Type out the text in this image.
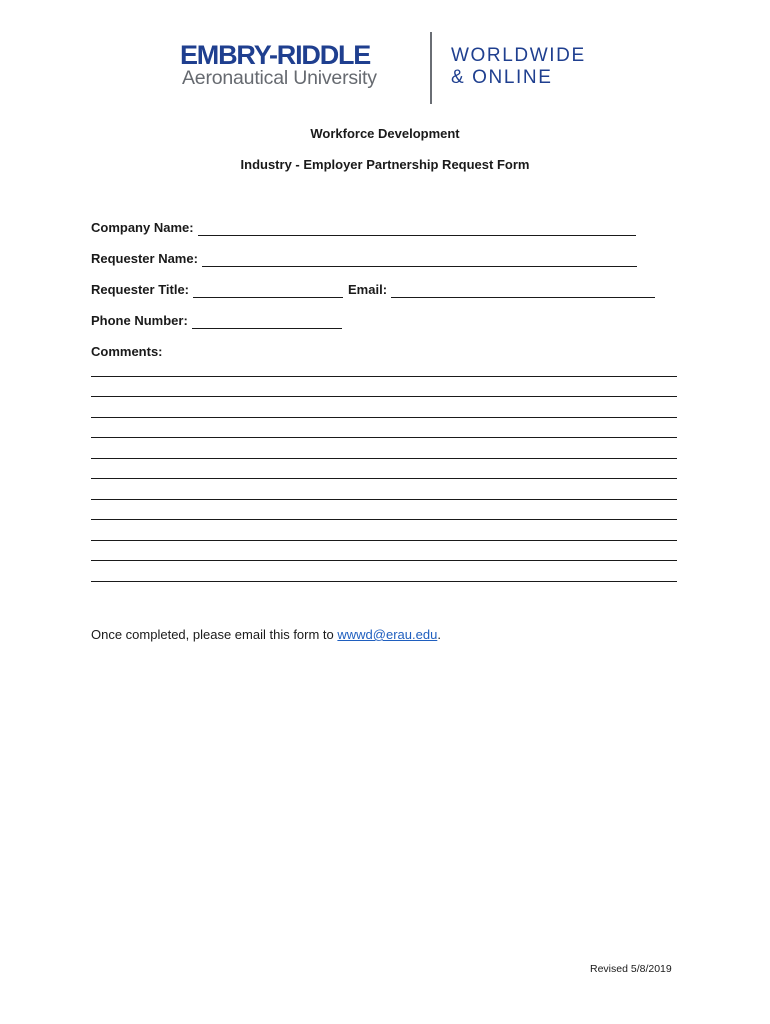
EMBRY-RIDDLE
Aeronautical University
WORLDWIDE
& ONLINE
Workforce Development
Industry - Employer Partnership Request Form
Company Name:
Requester Name:
Requester Title:	Email:
Phone Number:
Comments:
Once completed, please email this form to wwwd@erau.edu.
Revised 5/8/2019
